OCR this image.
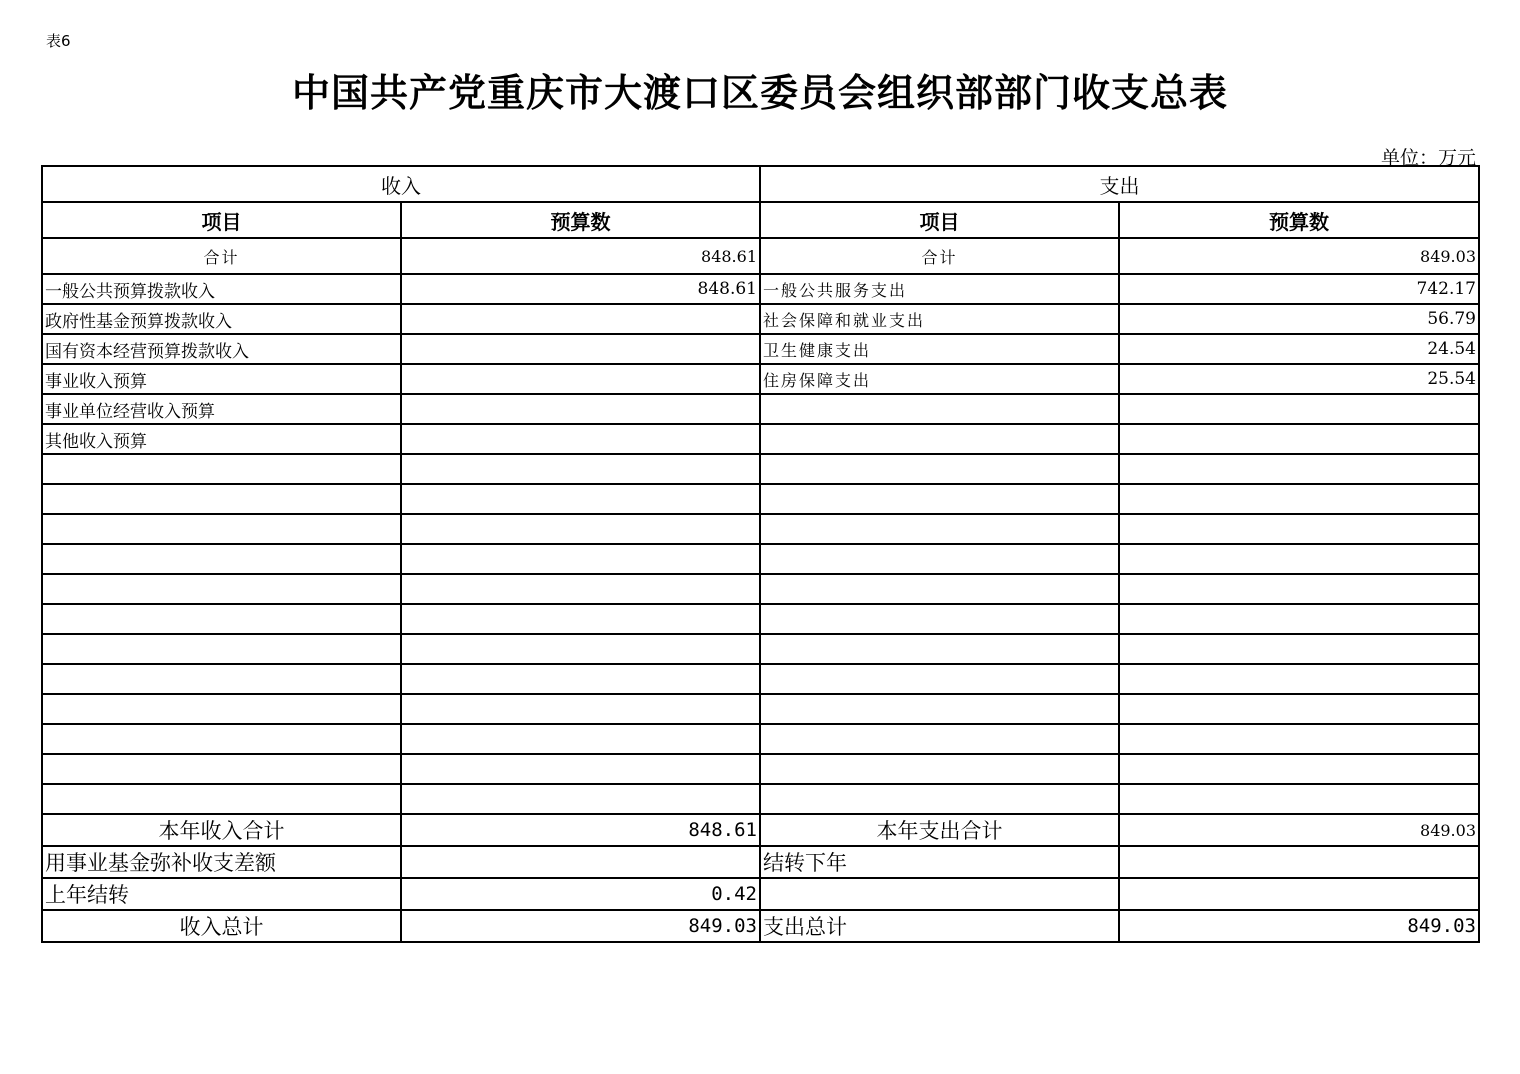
表6
中国共产党重庆市大渡口区委员会组织部部门收支总表
单位：万元
收入		支出	
项目	预算数	项目	预算数
合计	848.61	合计	849.03
一般公共预算拨款收入	848.61	一般公共服务支出	742.17
政府性基金预算拨款收入		社会保障和就业支出	56.79
国有资本经营预算拨款收入		卫生健康支出	24.54
事业收入预算		住房保障支出	25.54
事业单位经营收入预算			
其他收入预算			

本年收入合计	848.61	本年支出合计	849.03
用事业基金弥补收支差额		结转下年	
上年结转	0.42		
收入总计	849.03	支出总计	849.03
